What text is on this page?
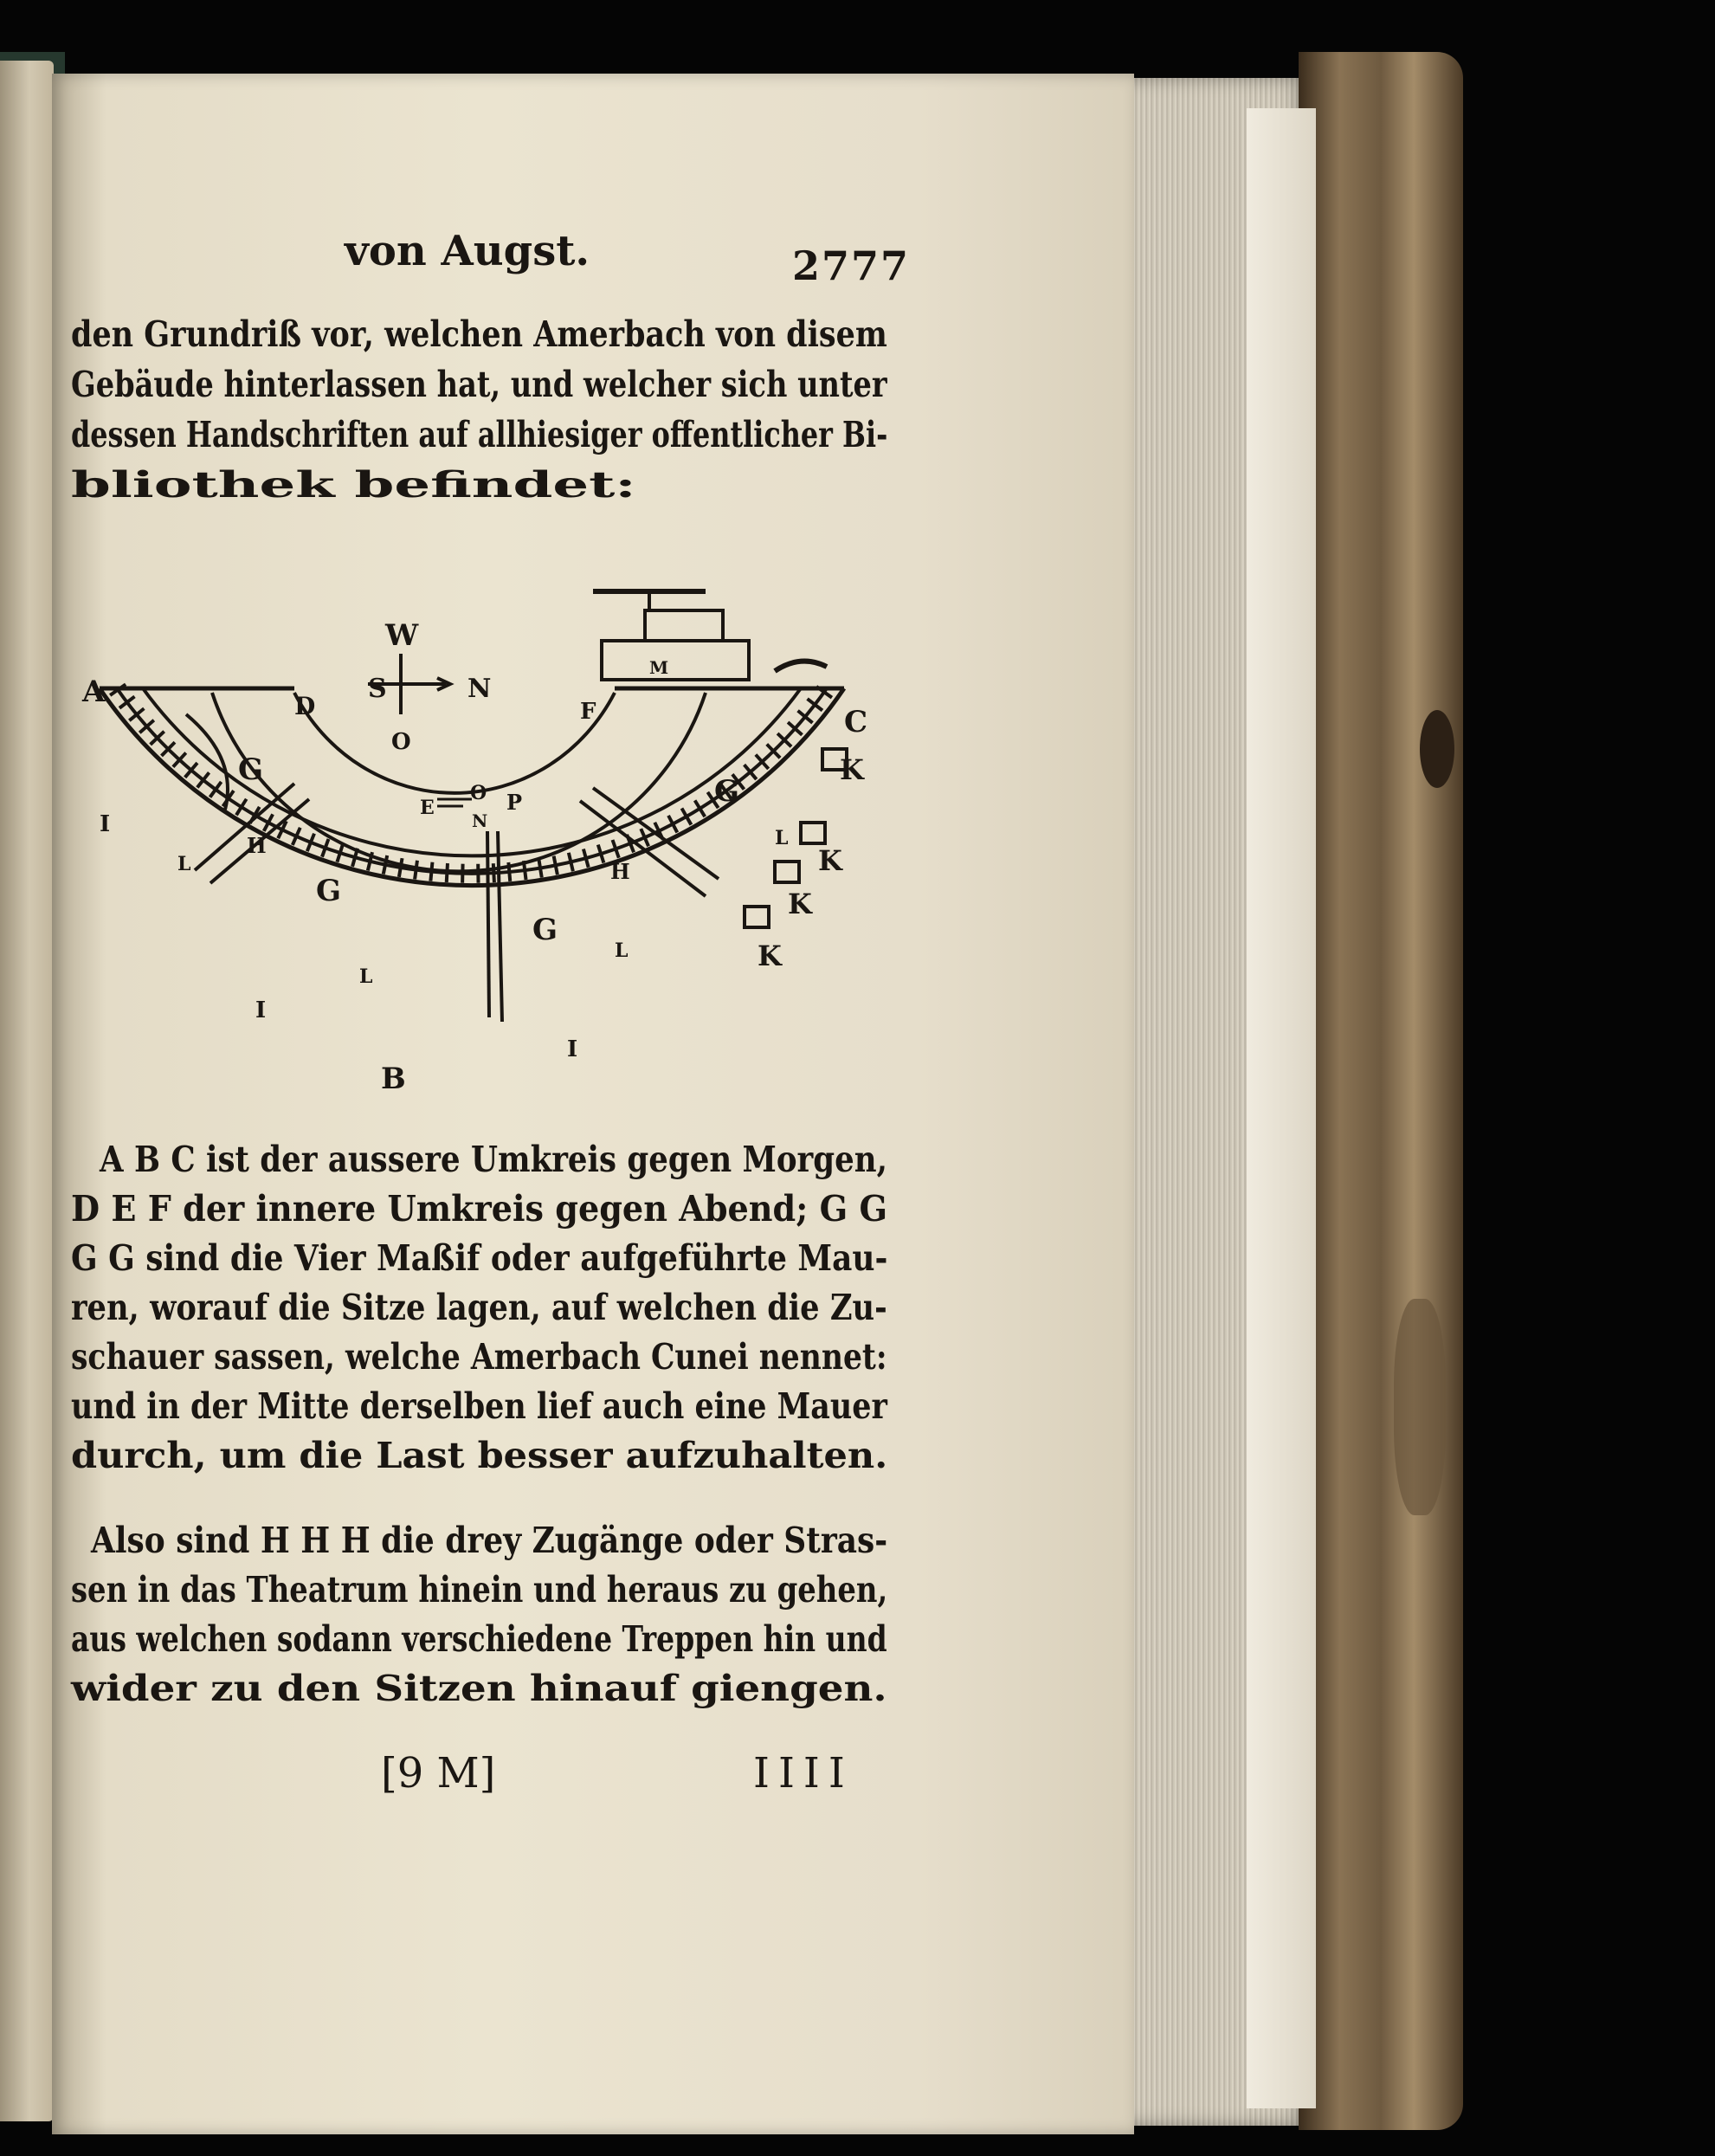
von Augst.	2777
den Grundriß vor, welchen Amerbach von disem
Gebäude hinterlassen hat, und welcher sich unter
dessen Handschriften auf allhiesiger offentlicher Bi-
bliothek befindet:
A
B
C
D
E
F
G
G
G
G
H
H
I
I
I
K
K
K
K
L
L
L
L
M
N
S
W
O
O P
N
A B C ist der aussere Umkreis gegen Morgen,
D E F der innere Umkreis gegen Abend; G G
G G sind die Vier Maßif oder aufgeführte Mau-
ren, worauf die Sitze lagen, auf welchen die Zu-
schauer sassen, welche Amerbach Cunei nennet:
und in der Mitte derselben lief auch eine Mauer
durch, um die Last besser aufzuhalten.
Also sind H H H die drey Zugänge oder Stras-
sen in das Theatrum hinein und heraus zu gehen,
aus welchen sodann verschiedene Treppen hin und
wider zu den Sitzen hinauf giengen.
[9 M]	IIII
